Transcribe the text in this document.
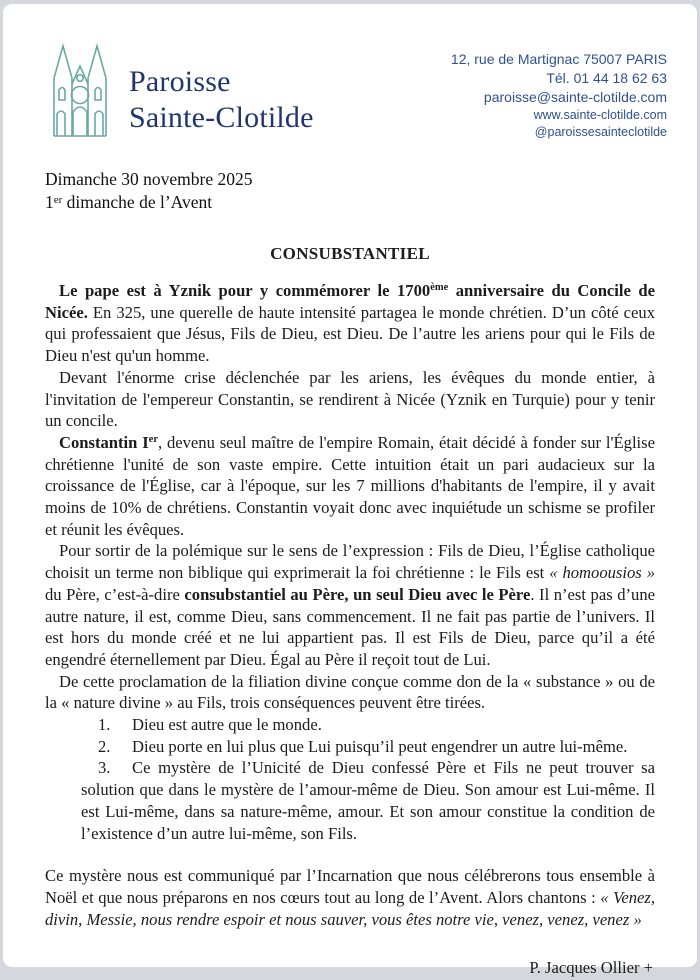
Paroisse
Sainte-Clotilde
12, rue de Martignac 75007 PARIS
Tél. 01 44 18 62 63
paroisse@sainte-clotilde.com
www.sainte-clotilde.com
@paroissesainteclotilde
Dimanche 30 novembre 2025
1er dimanche de l’Avent
CONSUBSTANTIEL

Le pape est à Yznik pour y commémorer le 1700ème anniversaire du Concile de Nicée. En 325, une querelle de haute intensité partagea le monde chrétien. D’un côté ceux qui professaient que Jésus, Fils de Dieu, est Dieu. De l’autre les ariens pour qui le Fils de Dieu n'est qu'un homme.

Devant l'énorme crise déclenchée par les ariens, les évêques du monde entier, à l'invitation de l'empereur Constantin, se rendirent à Nicée (Yznik en Turquie) pour y tenir un concile.

Constantin Ier, devenu seul maître de l'empire Romain, était décidé à fonder sur l'Église chrétienne l'unité de son vaste empire. Cette intuition était un pari audacieux sur la croissance de l'Église, car à l'époque, sur les 7 millions d'habitants de l'empire, il y avait moins de 10% de chrétiens. Constantin voyait donc avec inquiétude un schisme se profiler et réunit les évêques.

Pour sortir de la polémique sur le sens de l’expression : Fils de Dieu, l’Église catholique choisit un terme non biblique qui exprimerait la foi chrétienne : le Fils est « homoousios » du Père, c’est-à-dire consubstantiel au Père, un seul Dieu avec le Père. Il n’est pas d’une autre nature, il est, comme Dieu, sans commencement. Il ne fait pas partie de l’univers. Il est hors du monde créé et ne lui appartient pas. Il est Fils de Dieu, parce qu’il a été engendré éternellement par Dieu. Égal au Père il reçoit tout de Lui.

De cette proclamation de la filiation divine conçue comme don de la « substance » ou de la « nature divine » au Fils, trois conséquences peuvent être tirées.

1. Dieu est autre que le monde.
2. Dieu porte en lui plus que Lui puisqu’il peut engendrer un autre lui-même.
3. Ce mystère de l’Unicité de Dieu confessé Père et Fils ne peut trouver sa solution que dans le mystère de l’amour-même de Dieu. Son amour est Lui-même. Il est Lui-même, dans sa nature-même, amour. Et son amour constitue la condition de l’existence d’un autre lui-même, son Fils.

Ce mystère nous est communiqué par l’Incarnation que nous célébrerons tous ensemble à Noël et que nous préparons en nos cœurs tout au long de l’Avent. Alors chantons : « Venez, divin, Messie, nous rendre espoir et nous sauver, vous êtes notre vie, venez, venez, venez »

P. Jacques Ollier +
